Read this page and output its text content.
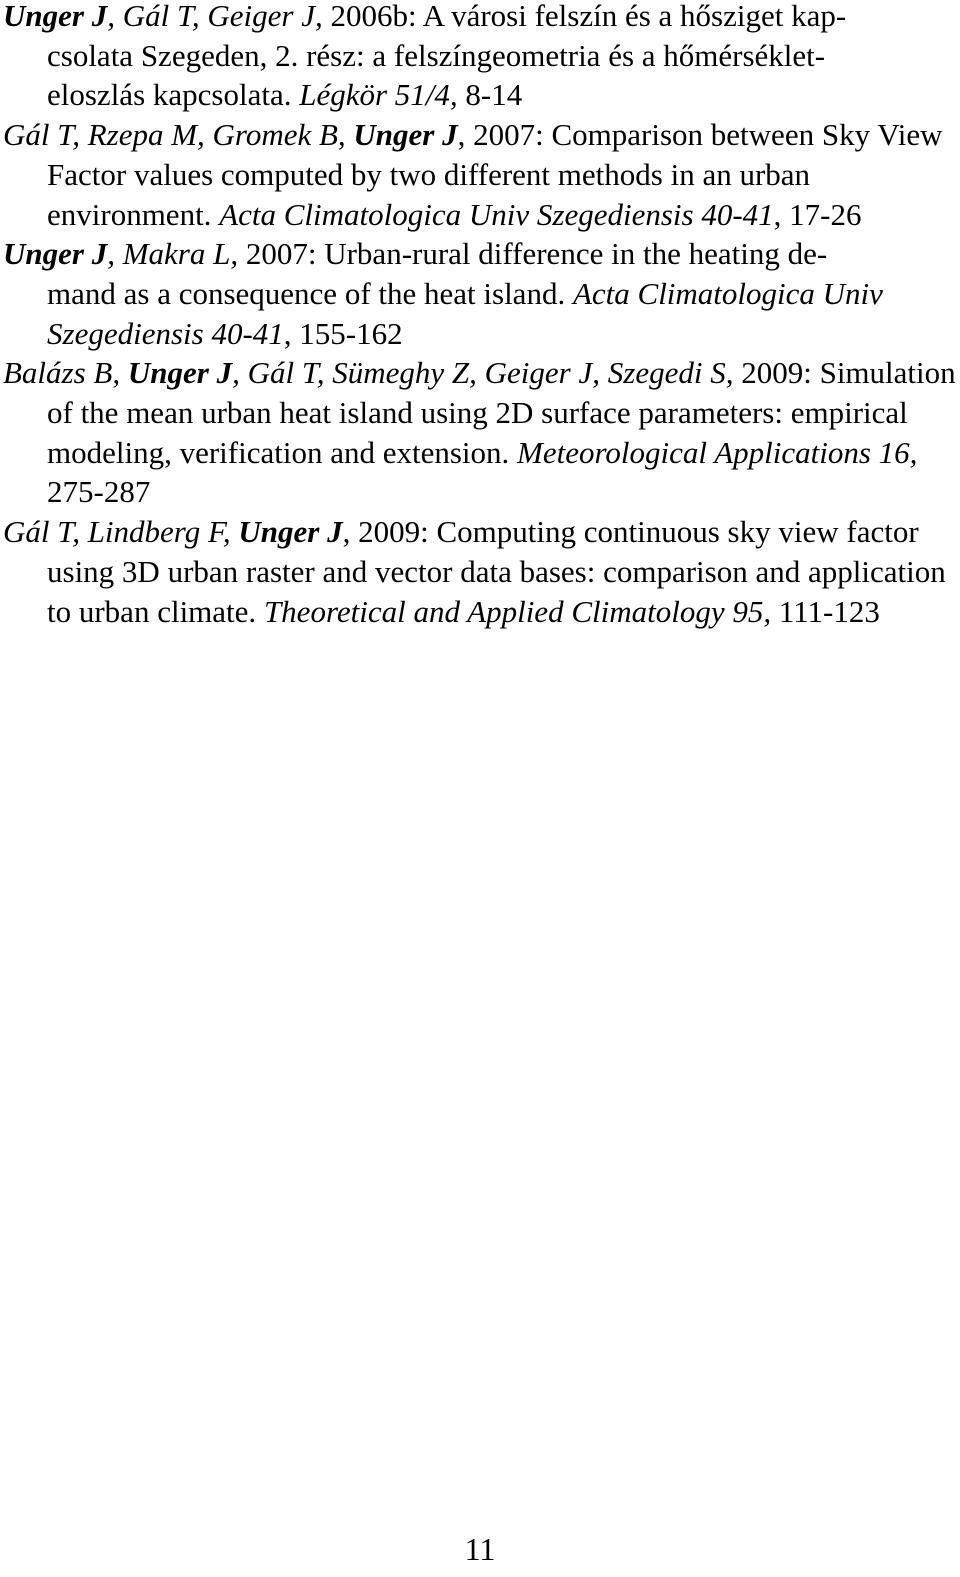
Unger J, Gál T, Geiger J, 2006b: A városi felszín és a hősziget kap-
csolata Szegeden, 2. rész: a felszíngeometria és a hőmérséklet-
eloszlás kapcsolata. Légkör 51/4, 8-14

Gál T, Rzepa M, Gromek B, Unger J, 2007: Comparison between Sky View Factor values computed by two different methods in an urban environment. Acta Climatologica Univ Szegediensis 40-41, 17-26

Unger J, Makra L, 2007: Urban-rural difference in the heating de-
mand as a consequence of the heat island. Acta Climatologica Univ Szegediensis 40-41, 155-162

Balázs B, Unger J, Gál T, Sümeghy Z, Geiger J, Szegedi S, 2009: Simulation of the mean urban heat island using 2D surface parameters: empirical modeling, verification and extension. Meteorological Applications 16, 275-287

Gál T, Lindberg F, Unger J, 2009: Computing continuous sky view factor using 3D urban raster and vector data bases: comparison and application to urban climate. Theoretical and Applied Climatology 95, 111-123

11
